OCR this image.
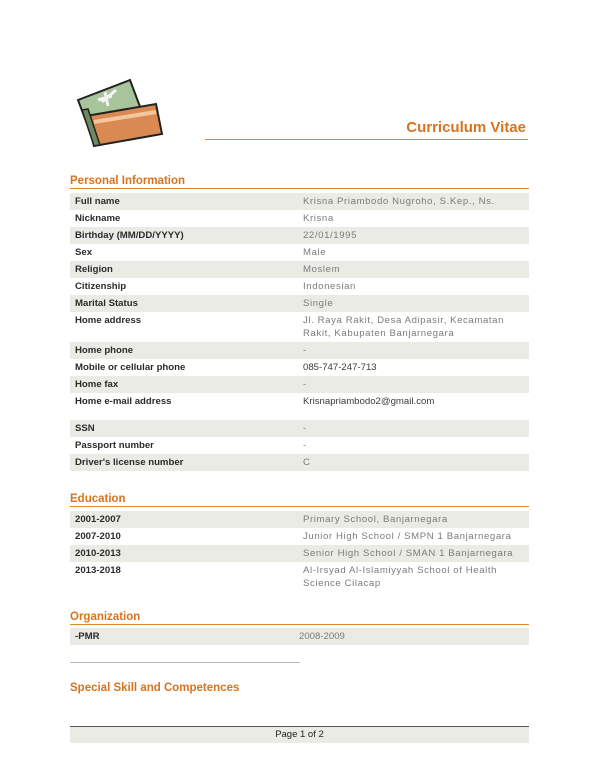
Curriculum Vitae
Personal Information
Full name	Krisna Priambodo Nugroho, S.Kep., Ns.
Nickname	Krisna
Birthday (MM/DD/YYYY)	22/01/1995
Sex	Male
Religion	Moslem
Citizenship	Indonesian
Marital Status	Single
Home address	Jl. Raya Rakit, Desa Adipasir, Kecamatan Rakit, Kabupaten Banjarnegara
Home phone	-
Mobile or cellular phone	085-747-247-713
Home fax	-
Home e-mail address	Krisnapriambodo2@gmail.com
SSN	-
Passport number	-
Driver's license number	C
Education
2001-2007	Primary School, Banjarnegara
2007-2010	Junior High School / SMPN 1 Banjarnegara
2010-2013	Senior High School / SMAN 1 Banjarnegara
2013-2018	Al-Irsyad Al-Islamiyyah School of Health Science Cilacap
Organization
-PMR	2008-2009
Special Skill and Competences
Page 1 of 2
